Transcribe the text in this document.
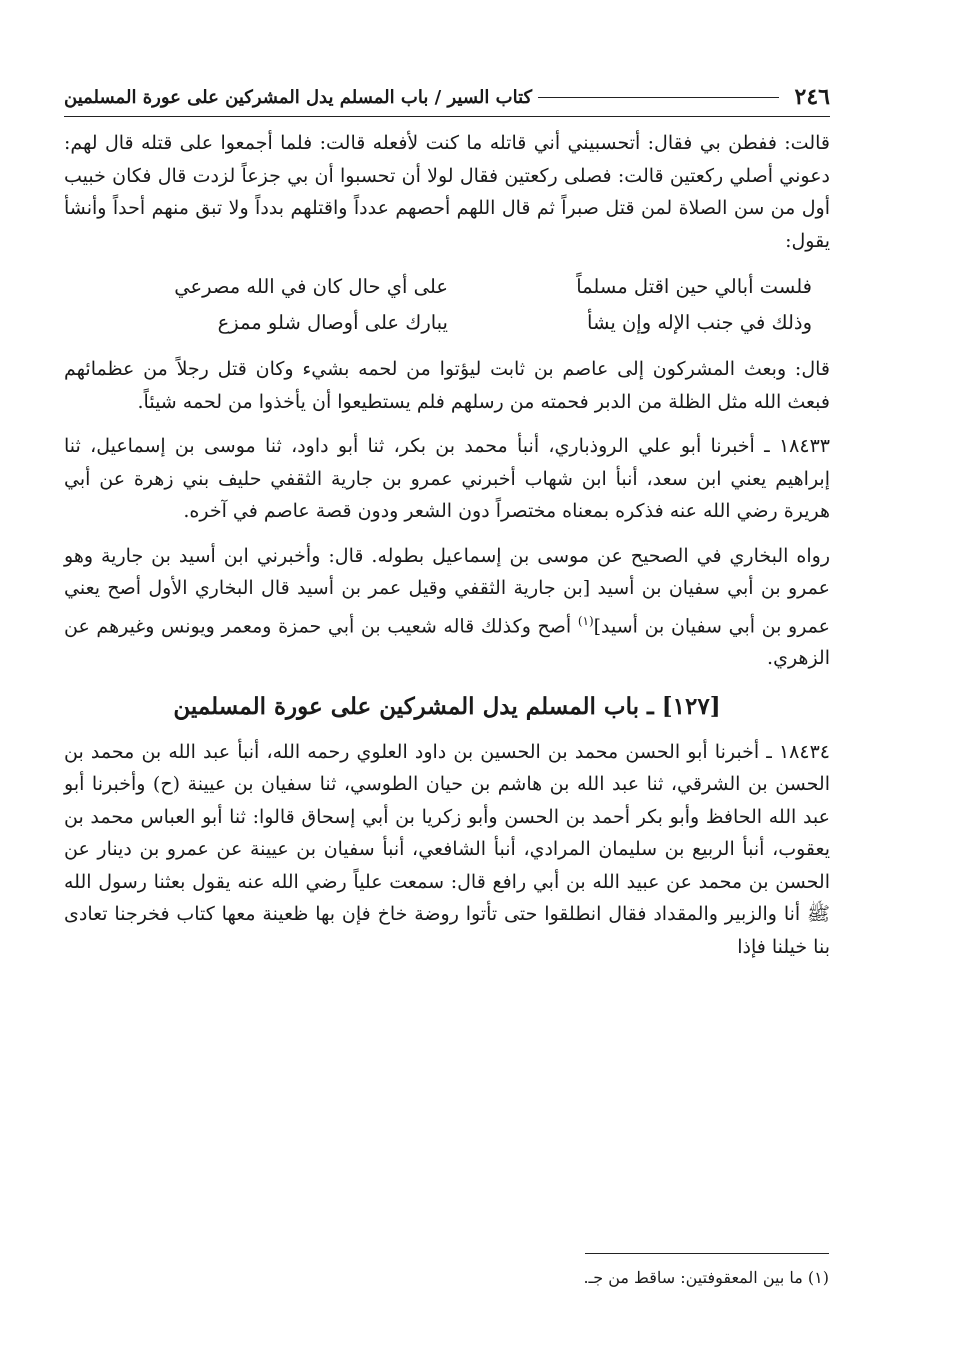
٢٤٦
كتاب السير / باب المسلم يدل المشركين على عورة المسلمين
قالت: ففطن بي فقال: أتحسبيني أني قاتله ما كنت لأفعله قالت: فلما أجمعوا على قتله قال لهم: دعوني أصلي ركعتين قالت: فصلى ركعتين فقال لولا أن تحسبوا أن بي جزعاً لزدت قال فكان خبيب أول من سن الصلاة لمن قتل صبراً ثم قال اللهم أحصهم عدداً واقتلهم بدداً ولا تبق منهم أحداً وأنشأ يقول:
فلست أبالي حين اقتل مسلماً
على أي حال كان في الله مصرعي
وذلك في جنب الإله وإن يشأ
يبارك على أوصال شلو ممزع
قال: وبعث المشركون إلى عاصم بن ثابت ليؤتوا من لحمه بشيء وكان قتل رجلاً من عظمائهم فبعث الله مثل الظلة من الدبر فحمته من رسلهم فلم يستطيعوا أن يأخذوا من لحمه شيئاً.
١٨٤٣٣ ـ أخبرنا أبو علي الروذباري، أنبأ محمد بن بكر، ثنا أبو داود، ثنا موسى بن إسماعيل، ثنا إبراهيم يعني ابن سعد، أنبأ ابن شهاب أخبرني عمرو بن جارية الثقفي حليف بني زهرة عن أبي هريرة رضي الله عنه فذكره بمعناه مختصراً دون الشعر ودون قصة عاصم في آخره.
رواه البخاري في الصحيح عن موسى بن إسماعيل بطوله. قال: وأخبرني ابن أسيد بن جارية وهو عمرو بن أبي سفيان بن أسيد [بن جارية الثقفي وقيل عمر بن أسيد قال البخاري الأول أصح يعني عمرو بن أبي سفيان بن أسيد]$^{(١)}$ أصح وكذلك قاله شعيب بن أبي حمزة ومعمر ويونس وغيرهم عن الزهري.
[١٢٧] ـ باب المسلم يدل المشركين على عورة المسلمين
١٨٤٣٤ ـ أخبرنا أبو الحسن محمد بن الحسين بن داود العلوي رحمه الله، أنبأ عبد الله بن محمد بن الحسن بن الشرقي، ثنا عبد الله بن هاشم بن حيان الطوسي، ثنا سفيان بن عيينة (ح) وأخبرنا أبو عبد الله الحافظ وأبو بكر أحمد بن الحسن وأبو زكريا بن أبي إسحاق قالوا: ثنا أبو العباس محمد بن يعقوب، أنبأ الربيع بن سليمان المرادي، أنبأ الشافعي، أنبأ سفيان بن عيينة عن عمرو بن دينار عن الحسن بن محمد عن عبيد الله بن أبي رافع قال: سمعت علياً رضي الله عنه يقول بعثنا رسول الله ﷺ أنا والزبير والمقداد فقال انطلقوا حتى تأتوا روضة خاخ فإن بها ظعينة معها كتاب فخرجنا تعادى بنا خيلنا فإذا
(١) ما بين المعقوفتين: ساقط من جـ.
